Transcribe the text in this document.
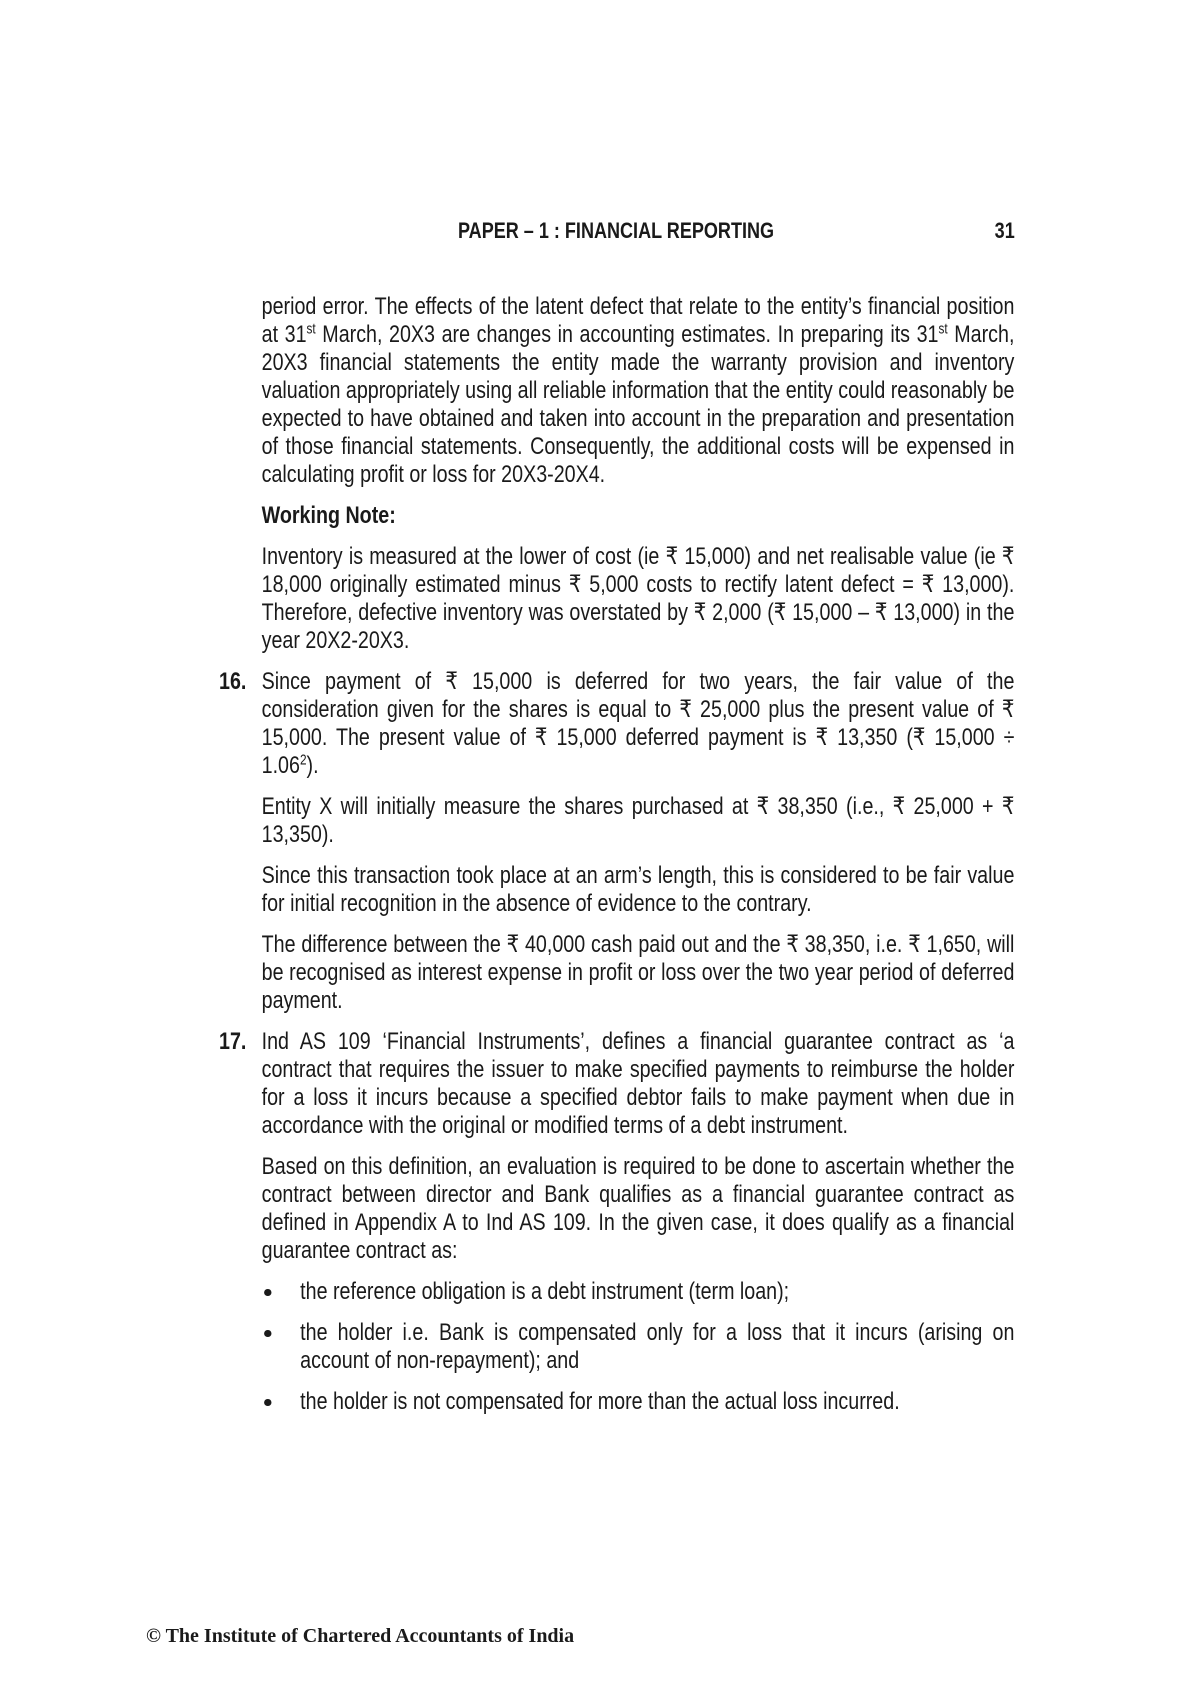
PAPER – 1 : FINANCIAL REPORTING	31

period error. The effects of the latent defect that relate to the entity’s financial position at 31st March, 20X3 are changes in accounting estimates. In preparing its 31st March, 20X3 financial statements the entity made the warranty provision and inventory valuation appropriately using all reliable information that the entity could reasonably be expected to have obtained and taken into account in the preparation and presentation of those financial statements. Consequently, the additional costs will be expensed in calculating profit or loss for 20X3-20X4.

Working Note:

Inventory is measured at the lower of cost (ie ₹ 15,000) and net realisable value (ie ₹ 18,000 originally estimated minus ₹ 5,000 costs to rectify latent defect = ₹ 13,000). Therefore, defective inventory was overstated by ₹ 2,000 (₹ 15,000 – ₹ 13,000) in the year 20X2-20X3.

16. Since payment of ₹ 15,000 is deferred for two years, the fair value of the consideration given for the shares is equal to ₹ 25,000 plus the present value of ₹ 15,000. The present value of ₹ 15,000 deferred payment is ₹ 13,350 (₹ $15,000 \div 1.06^2$).

Entity X will initially measure the shares purchased at ₹ 38,350 (i.e., ₹ 25,000 + ₹ 13,350).

Since this transaction took place at an arm’s length, this is considered to be fair value for initial recognition in the absence of evidence to the contrary.

The difference between the ₹ 40,000 cash paid out and the ₹ 38,350, i.e. ₹ 1,650, will be recognised as interest expense in profit or loss over the two year period of deferred payment.

17. Ind AS 109 ‘Financial Instruments’, defines a financial guarantee contract as ‘a contract that requires the issuer to make specified payments to reimburse the holder for a loss it incurs because a specified debtor fails to make payment when due in accordance with the original or modified terms of a debt instrument.

Based on this definition, an evaluation is required to be done to ascertain whether the contract between director and Bank qualifies as a financial guarantee contract as defined in Appendix A to Ind AS 109. In the given case, it does qualify as a financial guarantee contract as:

the reference obligation is a debt instrument (term loan);
the holder i.e. Bank is compensated only for a loss that it incurs (arising on account of non-repayment); and
the holder is not compensated for more than the actual loss incurred.
© The Institute of Chartered Accountants of India
